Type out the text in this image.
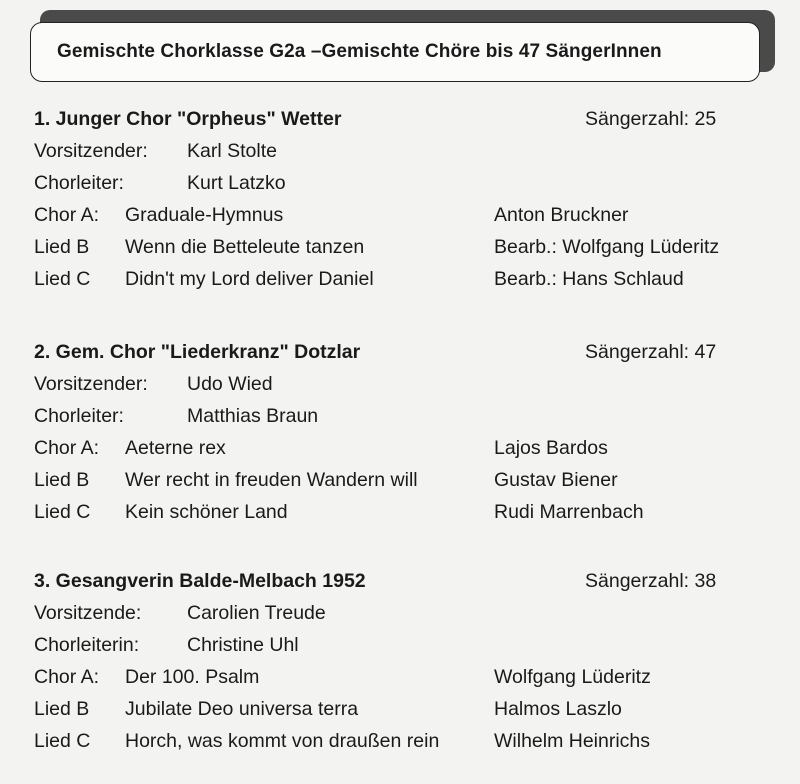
Gemischte Chorklasse G2a –Gemischte Chöre bis 47 SängerInnen
1. Junger Chor "Orpheus" Wetter	Sängerzahl: 25
Vorsitzender: Karl Stolte
Chorleiter:	Kurt Latzko
Chor A: Graduale-Hymnus	Anton Bruckner
Lied B Wenn die Betteleute tanzen	Bearb.: Wolfgang Lüderitz
Lied C Didn't my Lord deliver Daniel	Bearb.: Hans Schlaud
2. Gem. Chor "Liederkranz" Dotzlar	Sängerzahl: 47
Vorsitzender: Udo Wied
Chorleiter:	Matthias Braun
Chor A: Aeterne rex	Lajos Bardos
Lied B Wer recht in freuden Wandern will	Gustav Biener
Lied C Kein schöner Land	Rudi Marrenbach
3. Gesangverin Balde-Melbach 1952	Sängerzahl: 38
Vorsitzende: Carolien Treude
Chorleiterin: Christine Uhl
Chor A: Der 100. Psalm	Wolfgang Lüderitz
Lied B Jubilate Deo universa terra	Halmos Laszlo
Lied C Horch, was kommt von draußen rein	Wilhelm Heinrichs
